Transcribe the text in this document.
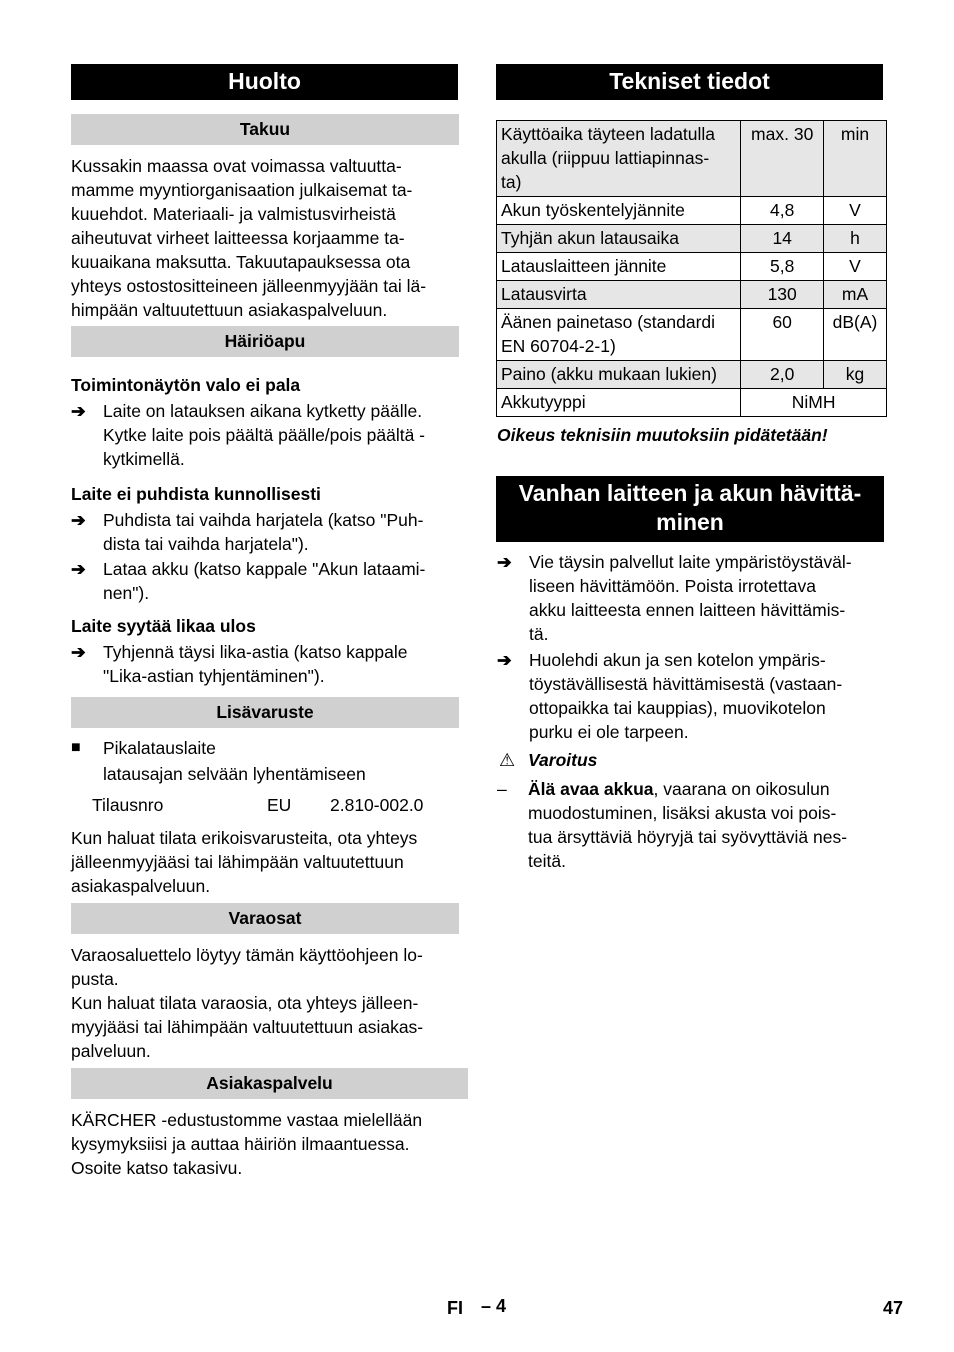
Huolto
Takuu
Kussakin maassa ovat voimassa valtuutta-
mamme myyntiorganisaation julkaisemat ta-
kuuehdot. Materiaali- ja valmistusvirheistä
aiheutuvat virheet laitteessa korjaamme ta-
kuuaikana maksutta. Takuutapauksessa ota
yhteys ostostositteineen jälleenmyyjään tai lä-
himpään valtuutettuun asiakaspalveluun.
Häiriöapu
Toimintonäytön valo ei pala
➔ Laite on latauksen aikana kytketty päälle.
Kytke laite pois päältä päälle/pois päältä -
kytkimellä.
Laite ei puhdista kunnollisesti
➔ Puhdista tai vaihda harjatela (katso "Puh-
dista tai vaihda harjatela").
➔ Lataa akku (katso kappale "Akun lataami-
nen").
Laite syytää likaa ulos
➔ Tyhjennä täysi lika-astia (katso kappale
"Lika-astian tyhjentäminen").
Lisävaruste
■ Pikalatauslaite
latausajan selvään lyhentämiseen
Tilausnro	EU 2.810-002.0
Kun haluat tilata erikoisvarusteita, ota yhteys
jälleenmyyjääsi tai lähimpään valtuutettuun
asiakaspalveluun.
Varaosat
Varaosaluettelo löytyy tämän käyttöohjeen lo-
pusta.
Kun haluat tilata varaosia, ota yhteys jälleen-
myyjääsi tai lähimpään valtuutettuun asiakas-
palveluun.
Asiakaspalvelu
KÄRCHER -edustustomme vastaa mielellään
kysymyksiisi ja auttaa häiriön ilmaantuessa.
Osoite katso takasivu.
Tekniset tiedot
Käyttöaika täyteen ladatulla
akulla (riippuu lattiapinnas-
ta)	max. 30	min

Akun työskentelyjännite	4,8	V

Tyhjän akun latausaika	14	h

Latauslaitteen jännite	5,8	V

Latausvirta	130	mA

Äänen painetaso (standardi
EN 60704-2-1)	60	dB(A)

Paino (akku mukaan lukien)	2,0	kg

Akkutyyppi	NiMH	
Oikeus teknisiin muutoksiin pidätetään!
Vanhan laitteen ja akun hävittä-
minen
➔ Vie täysin palvellut laite ympäristöystäväl-
liseen hävittämöön. Poista irrotettava
akku laitteesta ennen laitteen hävittämis-
tä.
➔ Huolehdi akun ja sen kotelon ympäris-
töystävällisestä hävittämisestä (vastaan-
ottopaikka tai kauppias), muovikotelon
purku ei ole tarpeen.
⚠ Varoitus
– Älä avaa akkua, vaarana on oikosulun
muodostuminen, lisäksi akusta voi pois-
tua ärsyttäviä höyryjä tai syövyttäviä nes-
teitä.
FI – 4	47
